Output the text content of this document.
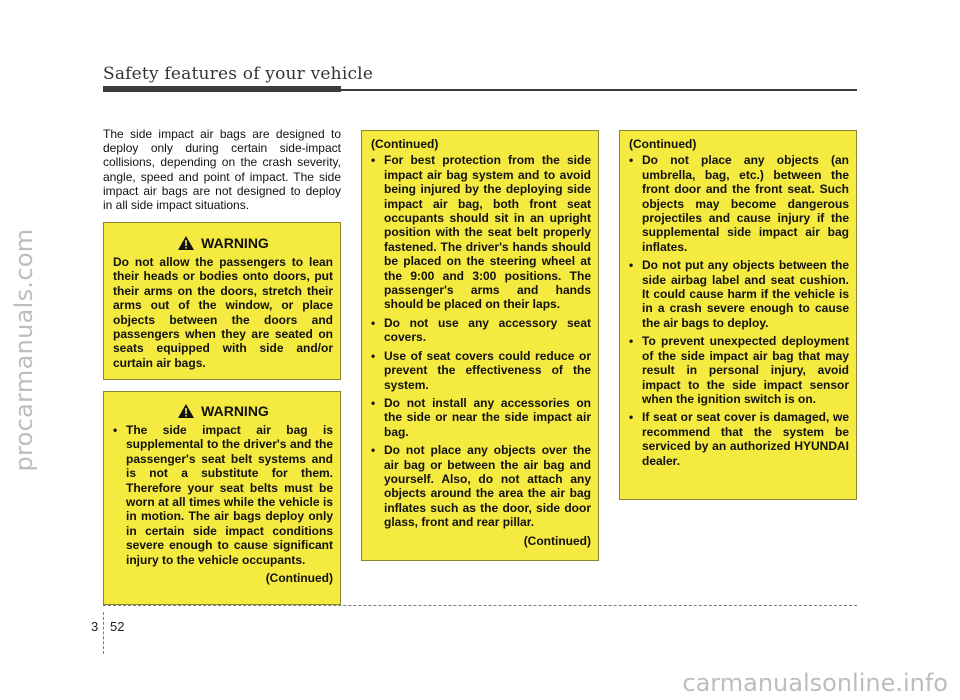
Safety features of your vehicle
procarmanuals.com
The side impact air bags are designed to deploy only during certain side-impact collisions, depending on the crash severity, angle, speed and point of impact. The side impact air bags are not designed to deploy in all side impact situations.
WARNING
Do not allow the passengers to lean their heads or bodies onto doors, put their arms on the doors, stretch their arms out of the window, or place objects between the doors and passengers when they are seated on seats equipped with side and/or curtain air bags.
WARNING
• The side impact air bag is supplemental to the driver's and the passenger's seat belt systems and is not a substitute for them. Therefore your seat belts must be worn at all times while the vehicle is in motion. The air bags deploy only in certain side impact conditions severe enough to cause significant injury to the vehicle occupants.
(Continued)
(Continued)
• For best protection from the side impact air bag system and to avoid being injured by the deploying side impact air bag, both front seat occupants should sit in an upright position with the seat belt properly fastened. The driver's hands should be placed on the steering wheel at the 9:00 and 3:00 positions. The passenger's arms and hands should be placed on their laps.
• Do not use any accessory seat covers.
• Use of seat covers could reduce or prevent the effectiveness of the system.
• Do not install any accessories on the side or near the side impact air bag.
• Do not place any objects over the air bag or between the air bag and yourself. Also, do not attach any objects around the area the air bag inflates such as the door, side door glass, front and rear pillar.
(Continued)
(Continued)
• Do not place any objects (an umbrella, bag, etc.) between the front door and the front seat. Such objects may become dangerous projectiles and cause injury if the supplemental side impact air bag inflates.
• Do not put any objects between the side airbag label and seat cushion. It could cause harm if the vehicle is in a crash severe enough to cause the air bags to deploy.
• To prevent unexpected deployment of the side impact air bag that may result in personal injury, avoid impact to the side impact sensor when the ignition switch is on.
• If seat or seat cover is damaged, we recommend that the system be serviced by an authorized HYUNDAI dealer.
3 52
carmanualsonline.info
